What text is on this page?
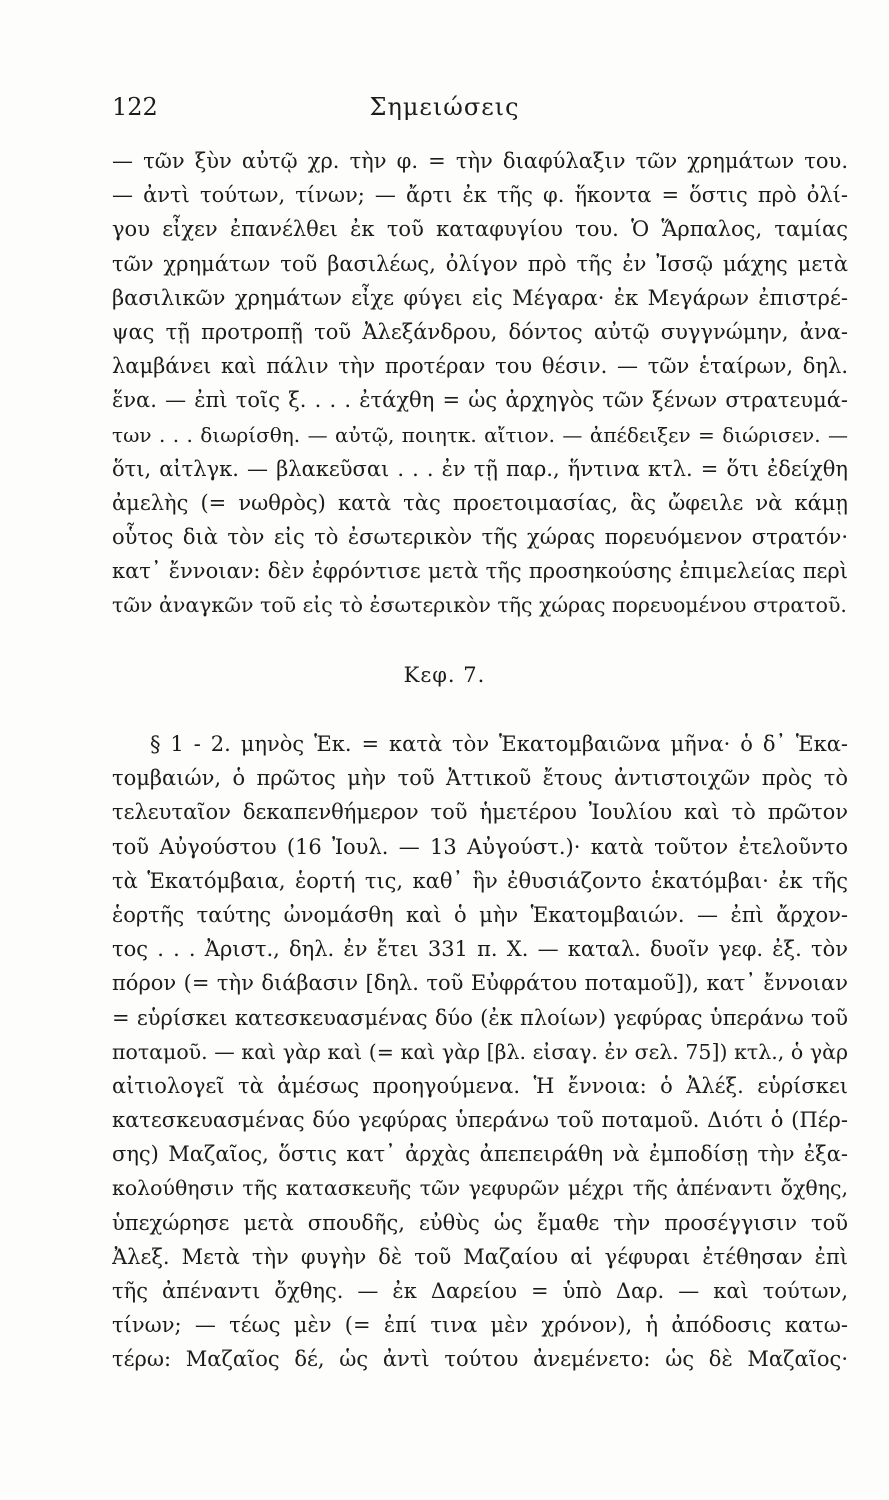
122	Σημειώσεις
— τῶν ξὺν αὐτῷ χρ. τὴν φ. = τὴν διαφύλαξιν τῶν χρημάτων του.
— ἀντὶ τούτων, τίνων; — ἄρτι ἐκ τῆς φ. ἥκοντα = ὅστις πρὸ ὀλί-
γου εἶχεν ἐπανέλθει ἐκ τοῦ καταφυγίου του. Ὁ Ἅρπαλος, ταμίας
τῶν χρημάτων τοῦ βασιλέως, ὀλίγον πρὸ τῆς ἐν Ἰσσῷ μάχης μετὰ
βασιλικῶν χρημάτων εἶχε φύγει εἰς Μέγαρα· ἐκ Μεγάρων ἐπιστρέ-
ψας τῇ προτροπῇ τοῦ Ἀλεξάνδρου, δόντος αὐτῷ συγγνώμην, ἀνα-
λαμβάνει καὶ πάλιν τὴν προτέραν του θέσιν. — τῶν ἑταίρων, δηλ.
ἕνα. — ἐπὶ τοῖς ξ. . . . ἐτάχθη = ὡς ἀρχηγὸς τῶν ξένων στρατευμά-
των . . . διωρίσθη. — αὐτῷ, ποιητκ. αἴτιον. — ἀπέδειξεν = διώρισεν. —
ὅτι, αἰτλγκ. — βλακεῦσαι . . . ἐν τῇ παρ., ἥντινα κτλ. = ὅτι ἐδείχθη
ἀμελὴς (= νωθρὸς) κατὰ τὰς προετοιμασίας, ἃς ὤφειλε νὰ κάμῃ
οὗτος διὰ τὸν εἰς τὸ ἐσωτερικὸν τῆς χώρας πορευόμενον στρατόν·
κατ᾽ ἔννοιαν: δὲν ἐφρόντισε μετὰ τῆς προσηκούσης ἐπιμελείας περὶ
τῶν ἀναγκῶν τοῦ εἰς τὸ ἐσωτερικὸν τῆς χώρας πορευομένου στρατοῦ.
Κεφ. 7.
§ 1 - 2. μηνὸς Ἑκ. = κατὰ τὸν Ἑκατομβαιῶνα μῆνα· ὁ δ᾽ Ἑκα-
τομβαιών, ὁ πρῶτος μὴν τοῦ Ἀττικοῦ ἔτους ἀντιστοιχῶν πρὸς τὸ
τελευταῖον δεκαπενθήμερον τοῦ ἡμετέρου Ἰουλίου καὶ τὸ πρῶτον
τοῦ Αὐγούστου (16 Ἰουλ. — 13 Αὐγούστ.)· κατὰ τοῦτον ἐτελοῦντο
τὰ Ἑκατόμβαια, ἑορτή τις, καθ᾽ ἣν ἐθυσιάζοντο ἑκατόμβαι· ἐκ τῆς
ἑορτῆς ταύτης ὠνομάσθη καὶ ὁ μὴν Ἑκατομβαιών. — ἐπὶ ἄρχον-
τος . . . Ἀριστ., δηλ. ἐν ἔτει 331 π. Χ. — καταλ. δυοῖν γεφ. ἐξ. τὸν
πόρον (= τὴν διάβασιν [δηλ. τοῦ Εὐφράτου ποταμοῦ]), κατ᾽ ἔννοιαν
= εὑρίσκει κατεσκευασμένας δύο (ἐκ πλοίων) γεφύρας ὑπεράνω τοῦ
ποταμοῦ. — καὶ γὰρ καὶ (= καὶ γὰρ [βλ. εἰσαγ. ἐν σελ. 75]) κτλ., ὁ γὰρ
αἰτιολογεῖ τὰ ἀμέσως προηγούμενα. Ἡ ἔννοια: ὁ Ἀλέξ. εὑρίσκει
κατεσκευασμένας δύο γεφύρας ὑπεράνω τοῦ ποταμοῦ. Διότι ὁ (Πέρ-
σης) Μαζαῖος, ὅστις κατ᾽ ἀρχὰς ἀπεπειράθη νὰ ἐμποδίσῃ τὴν ἐξα-
κολούθησιν τῆς κατασκευῆς τῶν γεφυρῶν μέχρι τῆς ἀπέναντι ὄχθης,
ὑπεχώρησε μετὰ σπουδῆς, εὐθὺς ὡς ἔμαθε τὴν προσέγγισιν τοῦ
Ἀλεξ. Μετὰ τὴν φυγὴν δὲ τοῦ Μαζαίου αἱ γέφυραι ἐτέθησαν ἐπὶ
τῆς ἀπέναντι ὄχθης. — ἐκ Δαρείου = ὑπὸ Δαρ. — καὶ τούτων,
τίνων; — τέως μὲν (= ἐπί τινα μὲν χρόνον), ἡ ἀπόδοσις κατω-
τέρω: Μαζαῖος δέ, ὡς ἀντὶ τούτου ἀνεμένετο: ὡς δὲ Μαζαῖος·
